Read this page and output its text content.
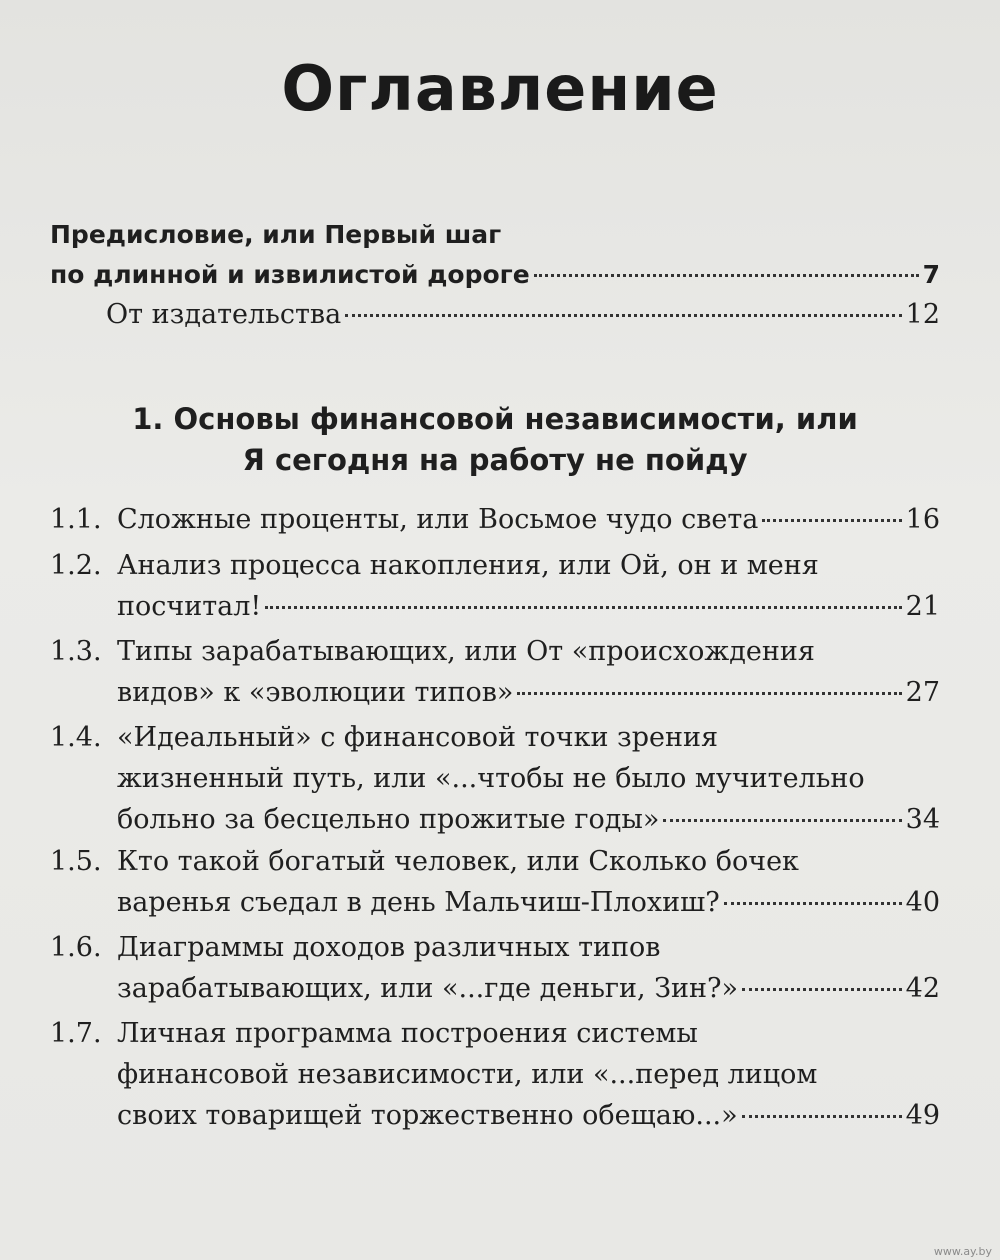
Оглавление
Предисловие, или Первый шаг
по длинной и извилистой дороге	7
От издательства	12
1. Основы финансовой независимости, или
Я сегодня на работу не пойду
1.1. Сложные проценты, или Восьмое чудо света	16
1.2. Анализ процесса накопления, или Ой, он и меня
посчитал!	21
1.3. Типы зарабатывающих, или От «происхождения
видов» к «эволюции типов»	27
1.4. «Идеальный» с финансовой точки зрения
жизненный путь, или «...чтобы не было мучительно
больно за бесцельно прожитые годы»	34
1.5. Кто такой богатый человек, или Сколько бочек
варенья съедал в день Мальчиш-Плохиш?	40
1.6. Диаграммы доходов различных типов
зарабатывающих, или «...где деньги, Зин?»	42
1.7. Личная программа построения системы
финансовой независимости, или «...перед лицом
своих товарищей торжественно обещаю...»	49
www.ay.by
